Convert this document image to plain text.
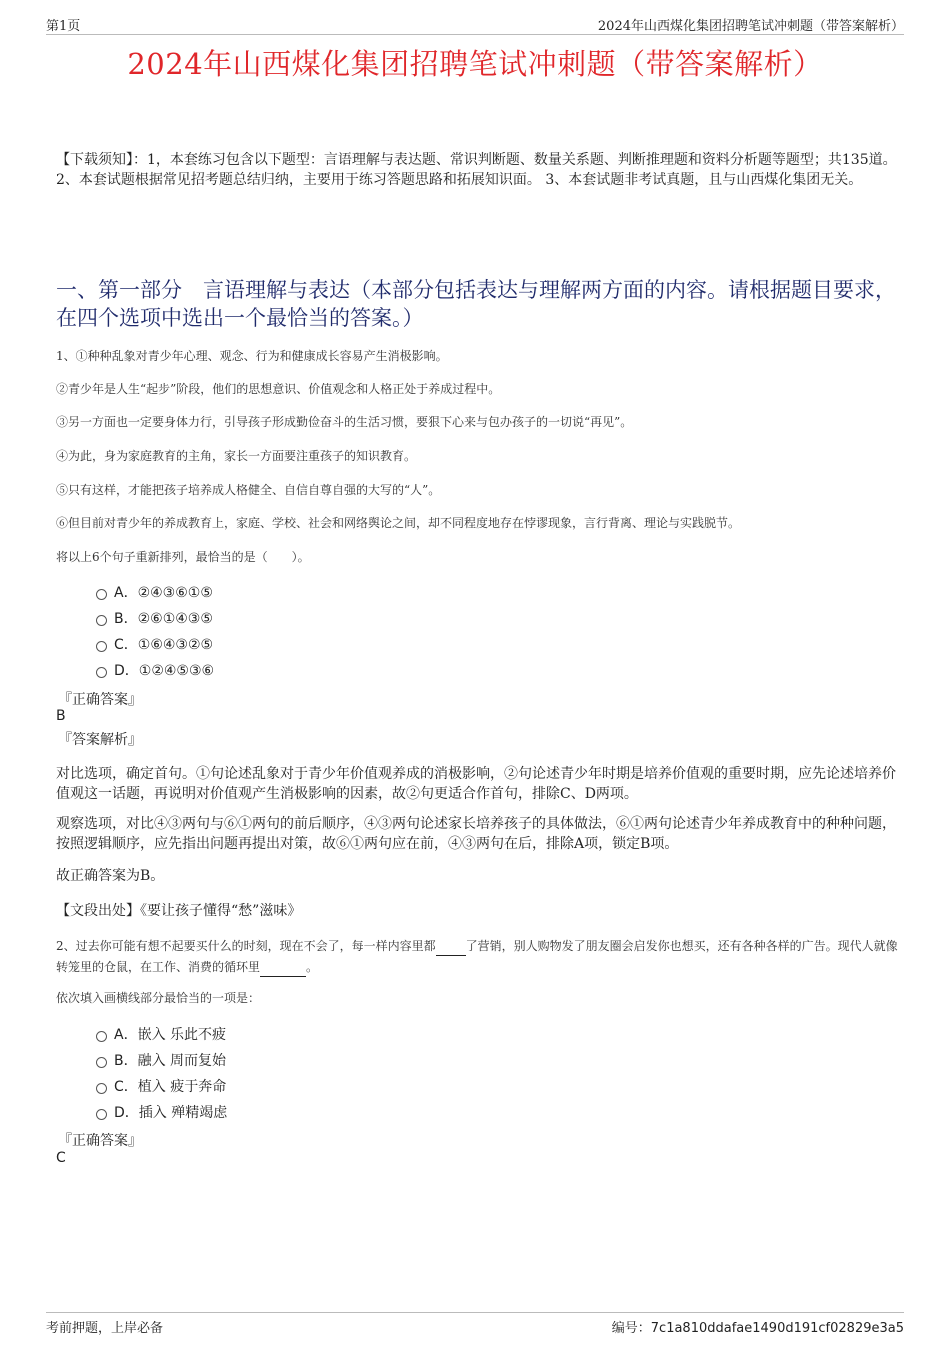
第1页	2024年山西煤化集团招聘笔试冲刺题（带答案解析）
2024年山西煤化集团招聘笔试冲刺题（带答案解析）
【下载须知】：1，本套练习包含以下题型：言语理解与表达题、常识判断题、数量关系题、判断推理题和资料分析题等题型；共135道。 2、本套试题根据常见招考题总结归纳，主要用于练习答题思路和拓展知识面。 3、本套试题非考试真题，且与山西煤化集团无关。
一、第一部分　言语理解与表达（本部分包括表达与理解两方面的内容。请根据题目要求，在四个选项中选出一个最恰当的答案。）
1、①种种乱象对青少年心理、观念、行为和健康成长容易产生消极影响。
②青少年是人生“起步”阶段，他们的思想意识、价值观念和人格正处于养成过程中。
③另一方面也一定要身体力行，引导孩子形成勤俭奋斗的生活习惯，要狠下心来与包办孩子的一切说“再见”。
④为此，身为家庭教育的主角，家长一方面要注重孩子的知识教育。
⑤只有这样，才能把孩子培养成人格健全、自信自尊自强的大写的“人”。
⑥但目前对青少年的养成教育上，家庭、学校、社会和网络舆论之间，却不同程度地存在悖谬现象，言行背离、理论与实践脱节。
将以上6个句子重新排列，最恰当的是（　　）。
A．②④③⑥①⑤
B．②⑥①④③⑤
C．①⑥④③②⑤
D．①②④⑤③⑥
『正确答案』
B
『答案解析』
对比选项，确定首句。①句论述乱象对于青少年价值观养成的消极影响，②句论述青少年时期是培养价值观的重要时期，应先论述培养价值观这一话题，再说明对价值观产生消极影响的因素，故②句更适合作首句，排除C、D两项。
观察选项，对比④③两句与⑥①两句的前后顺序，④③两句论述家长培养孩子的具体做法，⑥①两句论述青少年养成教育中的种种问题，按照逻辑顺序，应先指出问题再提出对策，故⑥①两句应在前，④③两句在后，排除A项，锁定B项。
故正确答案为B。
【文段出处】《要让孩子懂得“愁”滋味》
2、过去你可能有想不起要买什么的时刻，现在不会了，每一样内容里都	了营销，别人购物发了朋友圈会启发你也想买，还有各种各样的广告。现代人就像转笼里的仓鼠，在工作、消费的循环里	。
依次填入画横线部分最恰当的一项是：
A．嵌入 乐此不疲
B．融入 周而复始
C．植入 疲于奔命
D．插入 殚精竭虑
『正确答案』
C
考前押题，上岸必备	编号：7c1a810ddafae1490d191cf02829e3a5
